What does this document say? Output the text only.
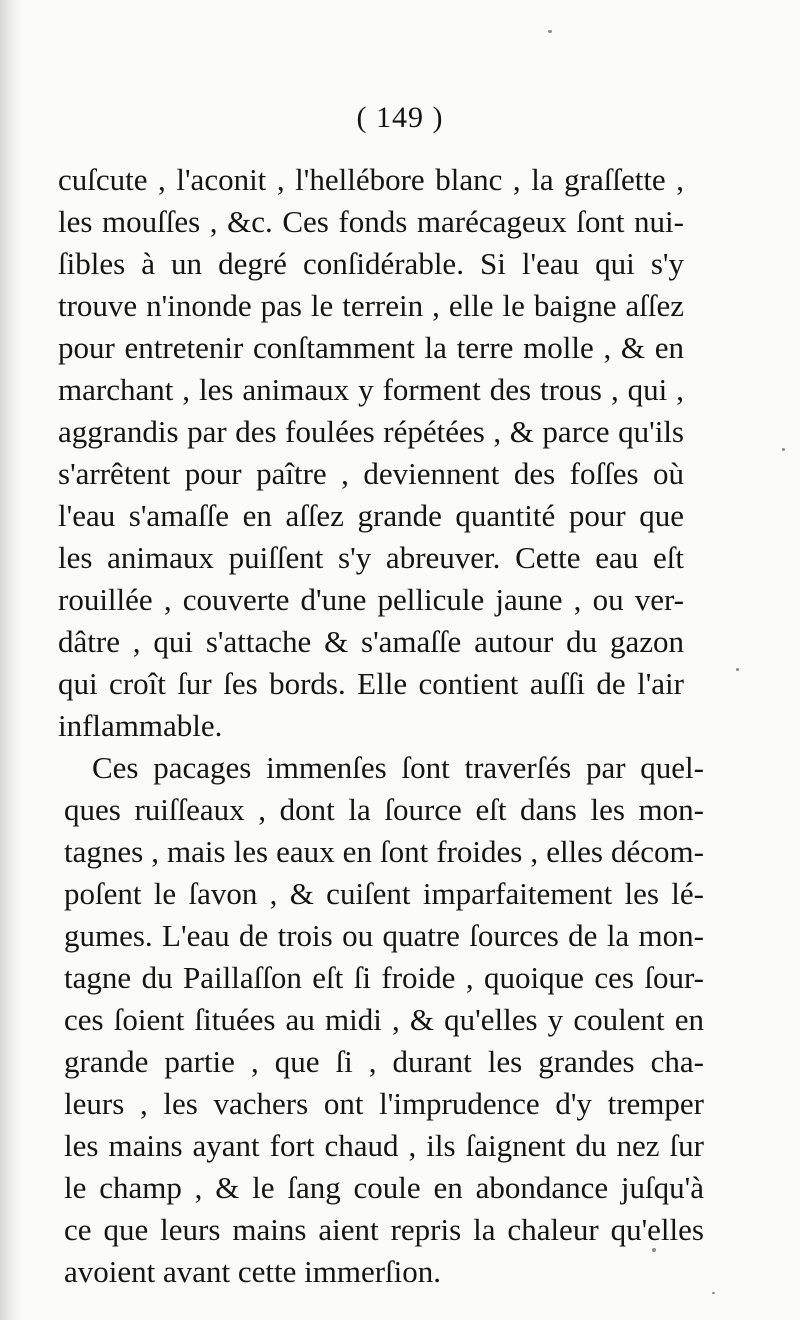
( 149 )
cuſcute , l'aconit , l'hellébore blanc , la graſſette ,
les mouſſes , &c. Ces fonds marécageux ſont nui-
ſibles à un degré conſidérable. Si l'eau qui s'y
trouve n'inonde pas le terrein , elle le baigne aſſez
pour entretenir conſtamment la terre molle , & en
marchant , les animaux y forment des trous , qui ,
aggrandis par des foulées répétées , & parce qu'ils
s'arrêtent pour paître , deviennent des foſſes où
l'eau s'amaſſe en aſſez grande quantité pour que
les animaux puiſſent s'y abreuver. Cette eau eſt
rouillée , couverte d'une pellicule jaune , ou ver-
dâtre , qui s'attache & s'amaſſe autour du gazon
qui croît ſur ſes bords. Elle contient auſſi de l'air
inflammable.
Ces pacages immenſes ſont traverſés par quel-
ques ruiſſeaux , dont la ſource eſt dans les mon-
tagnes , mais les eaux en ſont froides , elles décom-
poſent le ſavon , & cuiſent imparfaitement les lé-
gumes. L'eau de trois ou quatre ſources de la mon-
tagne du Paillaſſon eſt ſi froide , quoique ces ſour-
ces ſoient ſituées au midi , & qu'elles y coulent en
grande partie , que ſi , durant les grandes cha-
leurs , les vachers ont l'imprudence d'y tremper
les mains ayant fort chaud , ils ſaignent du nez ſur
le champ , & le ſang coule en abondance juſqu'à
ce que leurs mains aient repris la chaleur qu'elles
avoient avant cette immerſion.
